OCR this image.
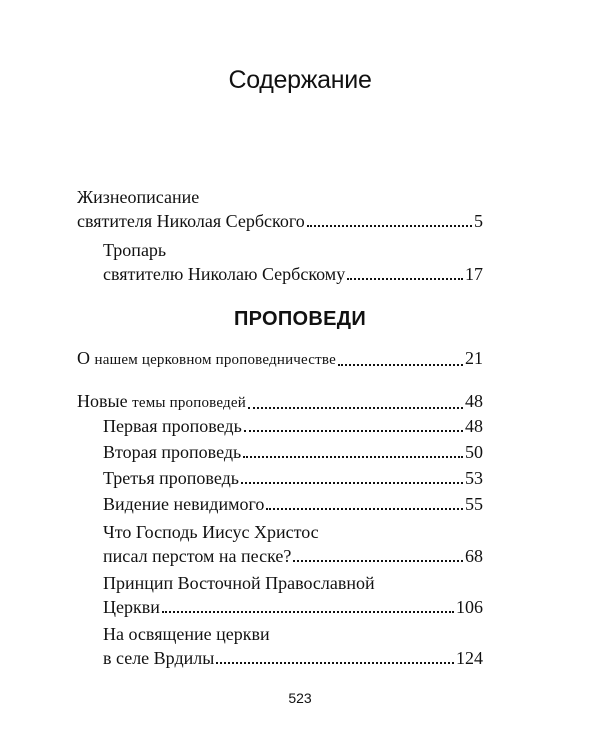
Содержание
Жизнеописание
святителя Николая Сербского	5
Тропарь
святителю Николаю Сербскому	17
ПРОПОВЕДИ
О нашем церковном проповедничестве	21
Новые темы проповедей	48
Первая проповедь	48
Вторая проповедь	50
Третья проповедь	53
Видение невидимого	55
Что Господь Иисус Христос
писал перстом на песке?	68
Принцип Восточной Православной
Церкви	106
На освящение церкви
в селе Врдилы	124
523
